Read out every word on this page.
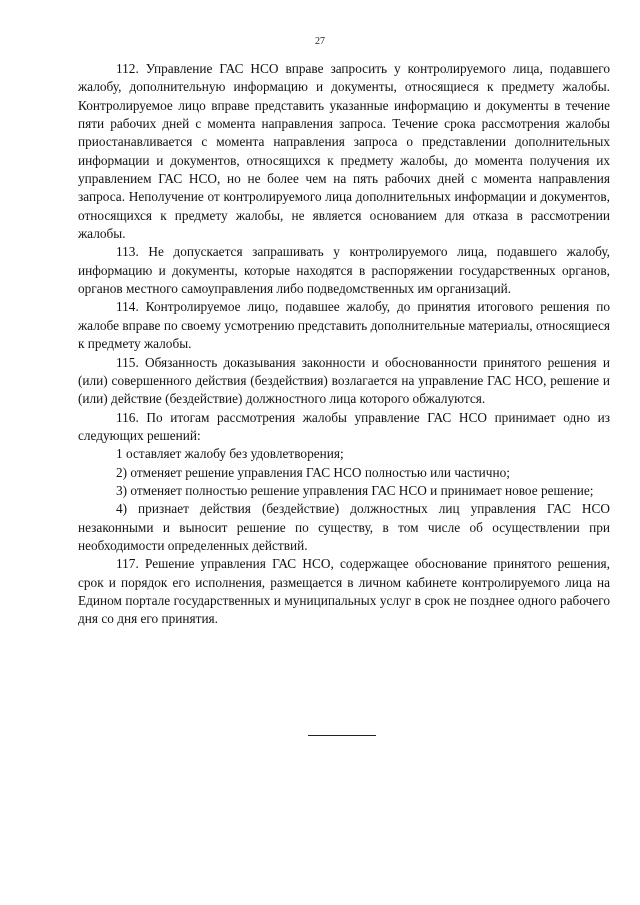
27

112. Управление ГАС НСО вправе запросить у контролируемого лица, подавшего жалобу, дополнительную информацию и документы, относящиеся к предмету жалобы. Контролируемое лицо вправе представить указанные информацию и документы в течение пяти рабочих дней с момента направления запроса. Течение срока рассмотрения жалобы приостанавливается с момента направления запроса о представлении дополнительных информации и документов, относящихся к предмету жалобы, до момента получения их управлением ГАС НСО, но не более чем на пять рабочих дней с момента направления запроса. Неполучение от контролируемого лица дополнительных информации и документов, относящихся к предмету жалобы, не является основанием для отказа в рассмотрении жалобы.

113. Не допускается запрашивать у контролируемого лица, подавшего жалобу, информацию и документы, которые находятся в распоряжении государственных органов, органов местного самоуправления либо подведомственных им организаций.

114. Контролируемое лицо, подавшее жалобу, до принятия итогового решения по жалобе вправе по своему усмотрению представить дополнительные материалы, относящиеся к предмету жалобы.

115. Обязанность доказывания законности и обоснованности принятого решения и (или) совершенного действия (бездействия) возлагается на управление ГАС НСО, решение и (или) действие (бездействие) должностного лица которого обжалуются.

116. По итогам рассмотрения жалобы управление ГАС НСО принимает одно из следующих решений:

1 оставляет жалобу без удовлетворения;

2) отменяет решение управления ГАС НСО полностью или частично;

3) отменяет полностью решение управления ГАС НСО и принимает новое решение;

4) признает действия (бездействие) должностных лиц управления ГАС НСО незаконными и выносит решение по существу, в том числе об осуществлении при необходимости определенных действий.

117. Решение управления ГАС НСО, содержащее обоснование принятого решения, срок и порядок его исполнения, размещается в личном кабинете контролируемого лица на Едином портале государственных и муниципальных услуг в срок не позднее одного рабочего дня со дня его принятия.
